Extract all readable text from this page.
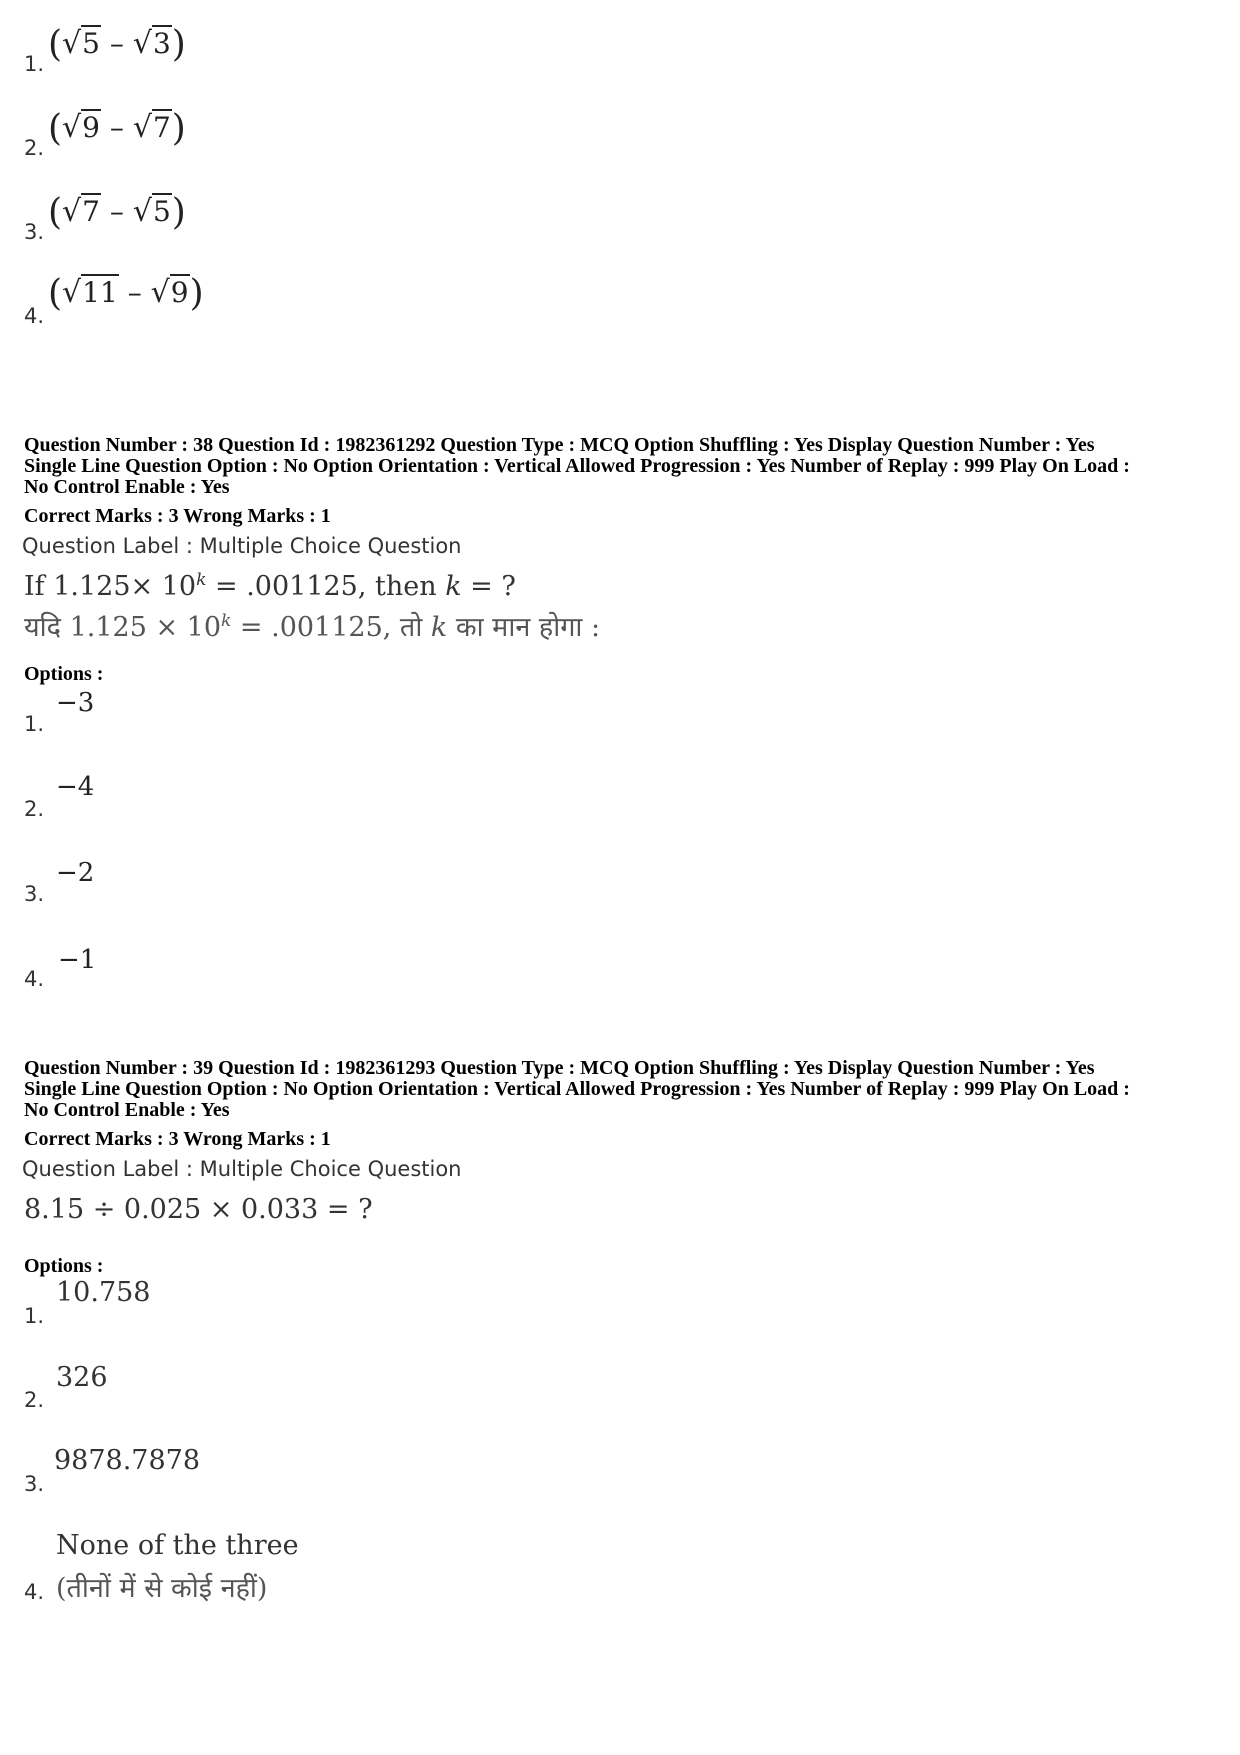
1. (√5 – √3)
2. (√9 – √7)
3. (√7 – √5)
4.
(√11 – √9)
Question Number : 38 Question Id : 1982361292 Question Type : MCQ Option Shuffling : Yes Display Question Number : Yes
Single Line Question Option : No Option Orientation : Vertical Allowed Progression : Yes Number of Replay : 999 Play On Load :
No Control Enable : Yes
Correct Marks : 3 Wrong Marks : 1
Question Label : Multiple Choice Question
If $1.125\times 10^k = .001125$, then k = ?
यदि $1.125 \times 10^k = .001125$, तो k का मान होगा :
Options :
1.
−3
2.
−4
3.
−2
4.
−1
Question Number : 39 Question Id : 1982361293 Question Type : MCQ Option Shuffling : Yes Display Question Number : Yes
Single Line Question Option : No Option Orientation : Vertical Allowed Progression : Yes Number of Replay : 999 Play On Load :
No Control Enable : Yes
Correct Marks : 3 Wrong Marks : 1
Question Label : Multiple Choice Question
8.15 ÷ 0.025 × 0.033 = ?
Options :
1.
10.758
2.
326
3.
9878.7878
4.
None of the three
(तीनों में से कोई नहीं)
